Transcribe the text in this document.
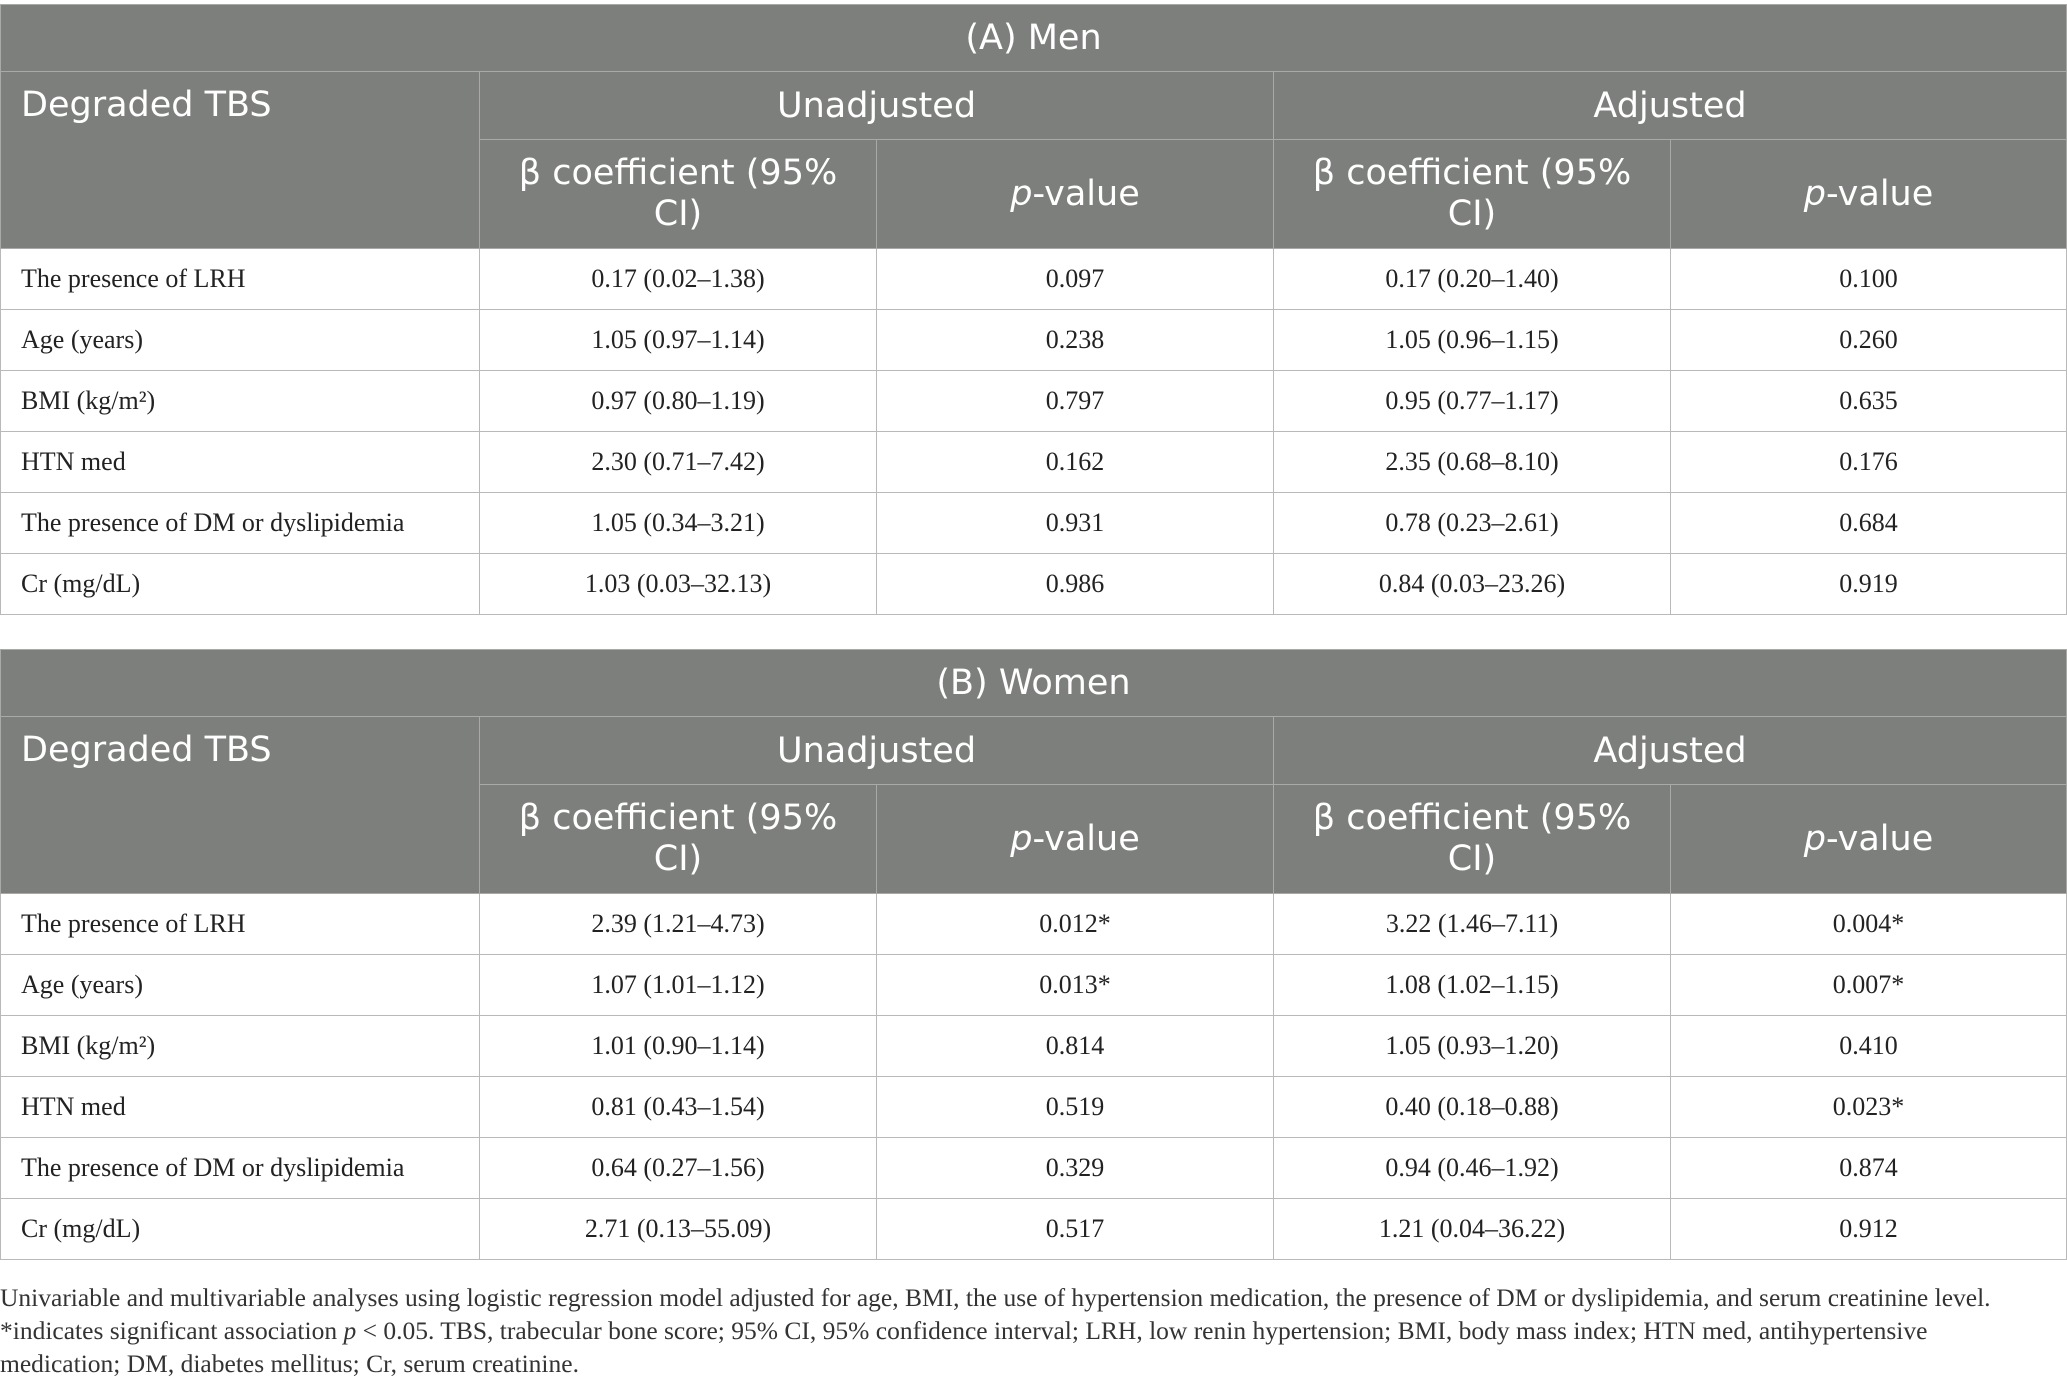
(A) Men				
Degraded TBS	Unadjusted		Adjusted	

	β coefficient (95% CI)	p-value	β coefficient (95% CI)	p-value
The presence of LRH	0.17 (0.02–1.38)	0.097	0.17 (0.20–1.40)	0.100
Age (years)	1.05 (0.97–1.14)	0.238	1.05 (0.96–1.15)	0.260
BMI (kg/m²)	0.97 (0.80–1.19)	0.797	0.95 (0.77–1.17)	0.635
HTN med	2.30 (0.71–7.42)	0.162	2.35 (0.68–8.10)	0.176
The presence of DM or dyslipidemia	1.05 (0.34–3.21)	0.931	0.78 (0.23–2.61)	0.684
Cr (mg/dL)	1.03 (0.03–32.13)	0.986	0.84 (0.03–23.26)	0.919
(B) Women				
Degraded TBS	Unadjusted		Adjusted	

	β coefficient (95% CI)	p-value	β coefficient (95% CI)	p-value
The presence of LRH	2.39 (1.21–4.73)	0.012*	3.22 (1.46–7.11)	0.004*
Age (years)	1.07 (1.01–1.12)	0.013*	1.08 (1.02–1.15)	0.007*
BMI (kg/m²)	1.01 (0.90–1.14)	0.814	1.05 (0.93–1.20)	0.410
HTN med	0.81 (0.43–1.54)	0.519	0.40 (0.18–0.88)	0.023*
The presence of DM or dyslipidemia	0.64 (0.27–1.56)	0.329	0.94 (0.46–1.92)	0.874
Cr (mg/dL)	2.71 (0.13–55.09)	0.517	1.21 (0.04–36.22)	0.912
Univariable and multivariable analyses using logistic regression model adjusted for age, BMI, the use of hypertension medication, the presence of DM or dyslipidemia, and serum creatinine level. *indicates significant association p < 0.05. TBS, trabecular bone score; 95% CI, 95% confidence interval; LRH, low renin hypertension; BMI, body mass index; HTN med, antihypertensive medication; DM, diabetes mellitus; Cr, serum creatinine.
